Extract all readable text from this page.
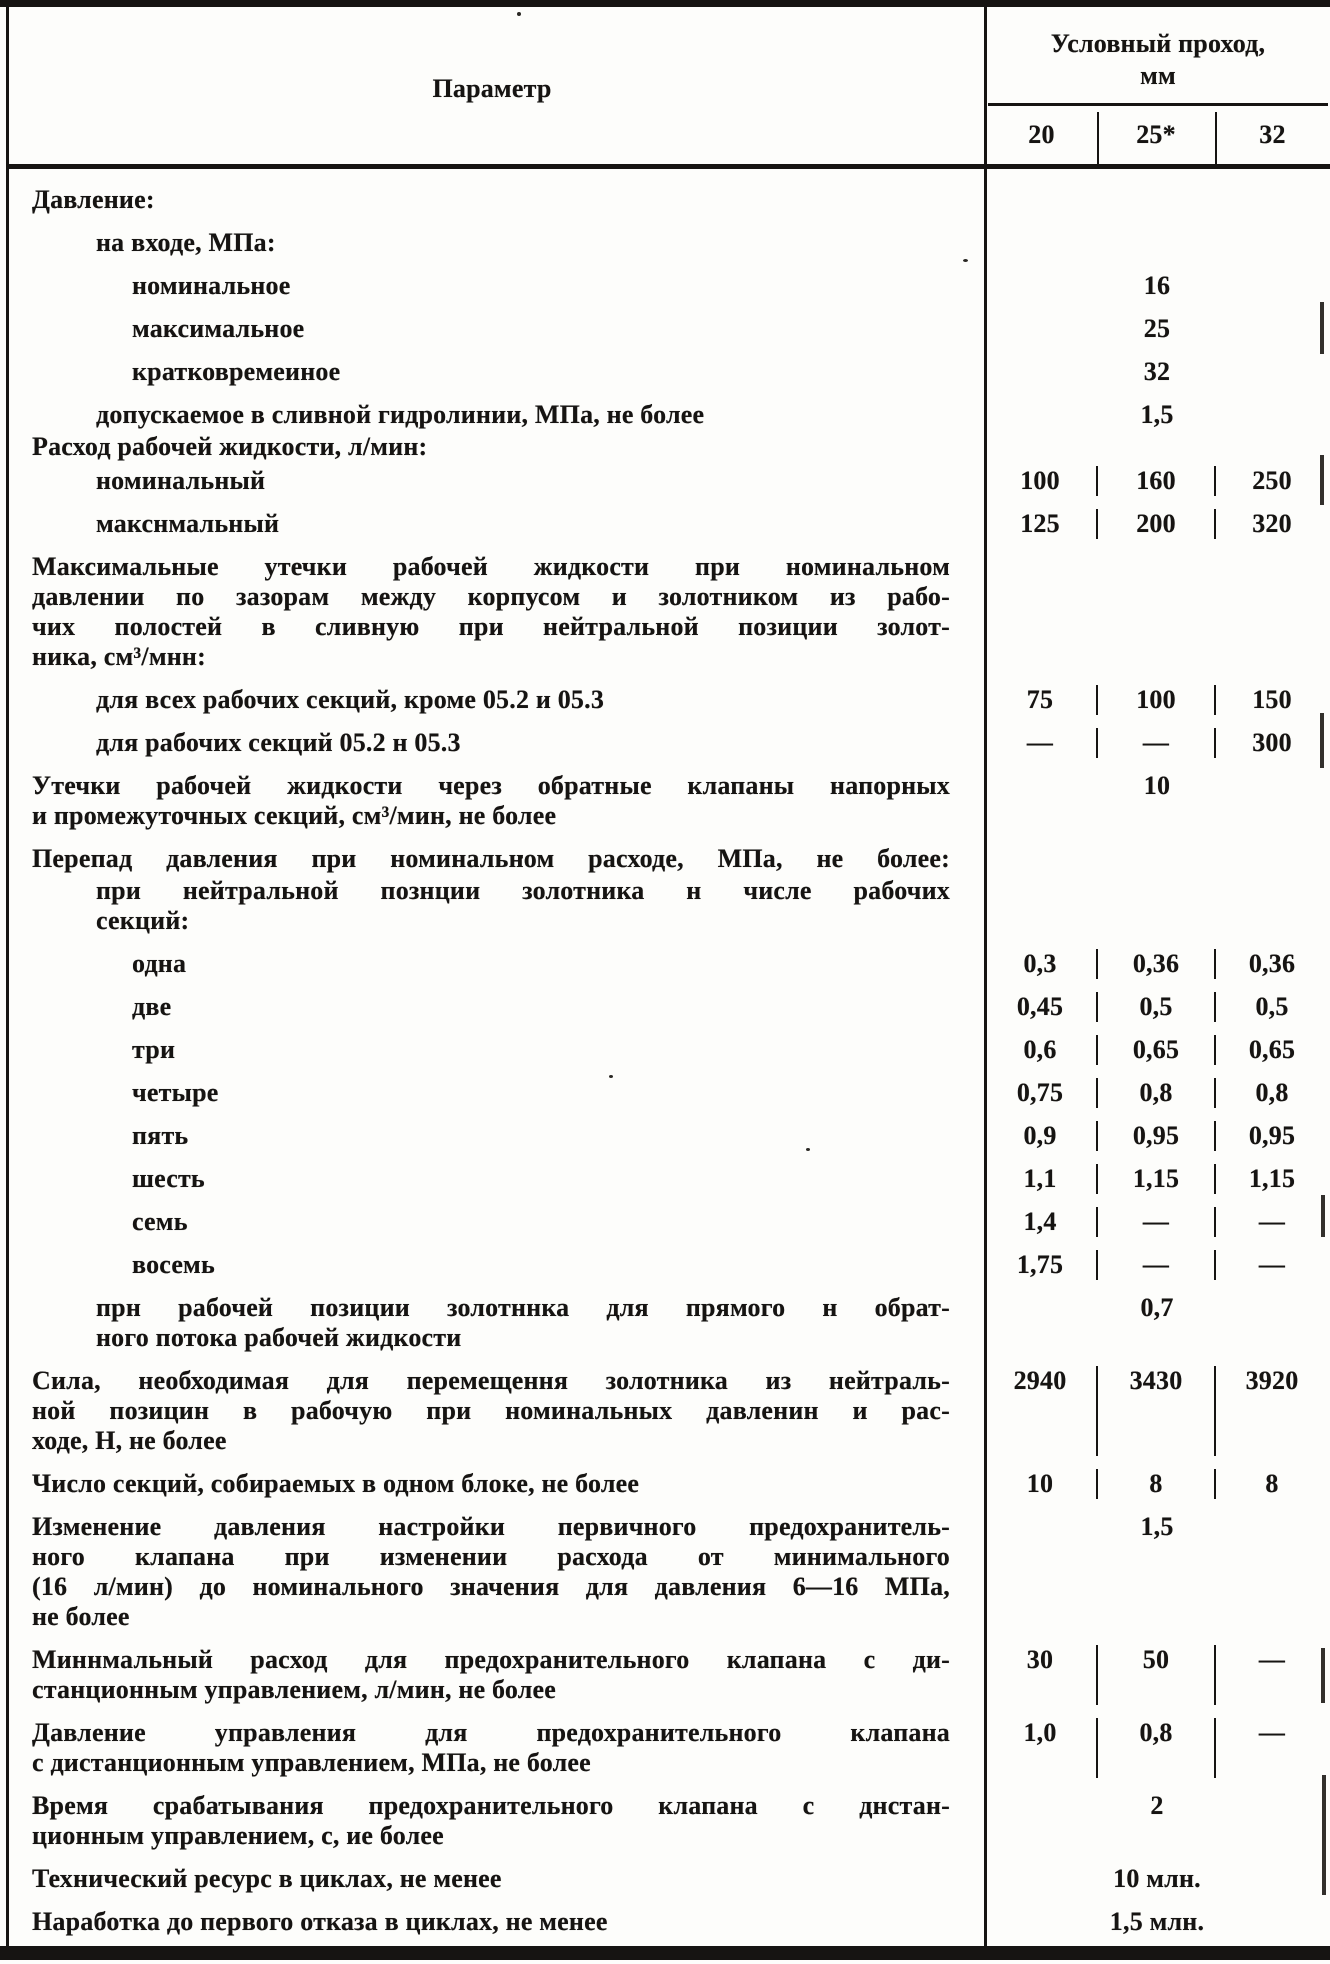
Параметр
Условный проход,
мм
20	25*	32
Давление:
на входе, МПа:
номинальное	16
максимальное	25
кратковремеиное	32
допускаемое в сливной гидролинии, МПа, не более	1,5
Расход рабочей жидкости, л/мин:
номинальный	100	160	250
макснмальный	125	200	320
Максимальные утечки рабочей жидкости при номинальном
давлении по зазорам между корпусом и золотником из рабо-
чих полостей в сливную при нейтральной позиции золот-
ника, см³/мнн:
для всех рабочих секций, кроме 05.2 и 05.3	75	100	150
для рабочих секций 05.2 н 05.3	—	—	300
Утечки рабочей жидкости через обратные клапаны напорных
и промежуточных секций, см³/мин, не более
10
Перепад давления при номинальном расходе, МПа, не более:
при нейтральной познции золотника н числе рабочих
секций:
одна	0,3	0,36	0,36
две	0,45	0,5	0,5
три	0,6	0,65	0,65
четыре	0,75	0,8	0,8
пять	0,9	0,95	0,95
шесть	1,1	1,15	1,15
семь	1,4	—	—
восемь	1,75	—	—
прн рабочей позиции золотннка для прямого н обрат-
ного потока рабочей жидкости
0,7
Сила, необходимая для перемещення золотника из нейтраль-
ной позицин в рабочую при номинальных давленин и рас-
ходе, Н, не более
2940	3430	3920
Число секций, собираемых в одном блоке, не более	10	8	8
Изменение давления настройки первичного предохранитель-
ного клапана при изменении расхода от минимального
(16 л/мин) до номинального значения для давления 6—16 МПа,
не более
1,5
Миннмальный расход для предохранительного клапана с ди-
станционным управлением, л/мин, не более
30	50	—
Давление управления для предохранительного клапана
с дистанционным управлением, МПа, не более
1,0	0,8	—
Время срабатывания предохранительного клапана с днстан-
ционным управлением, с, ие более
2
Технический ресурс в циклах, не менее	10 млн.
Наработка до первого отказа в циклах, не менее	1,5 млн.
